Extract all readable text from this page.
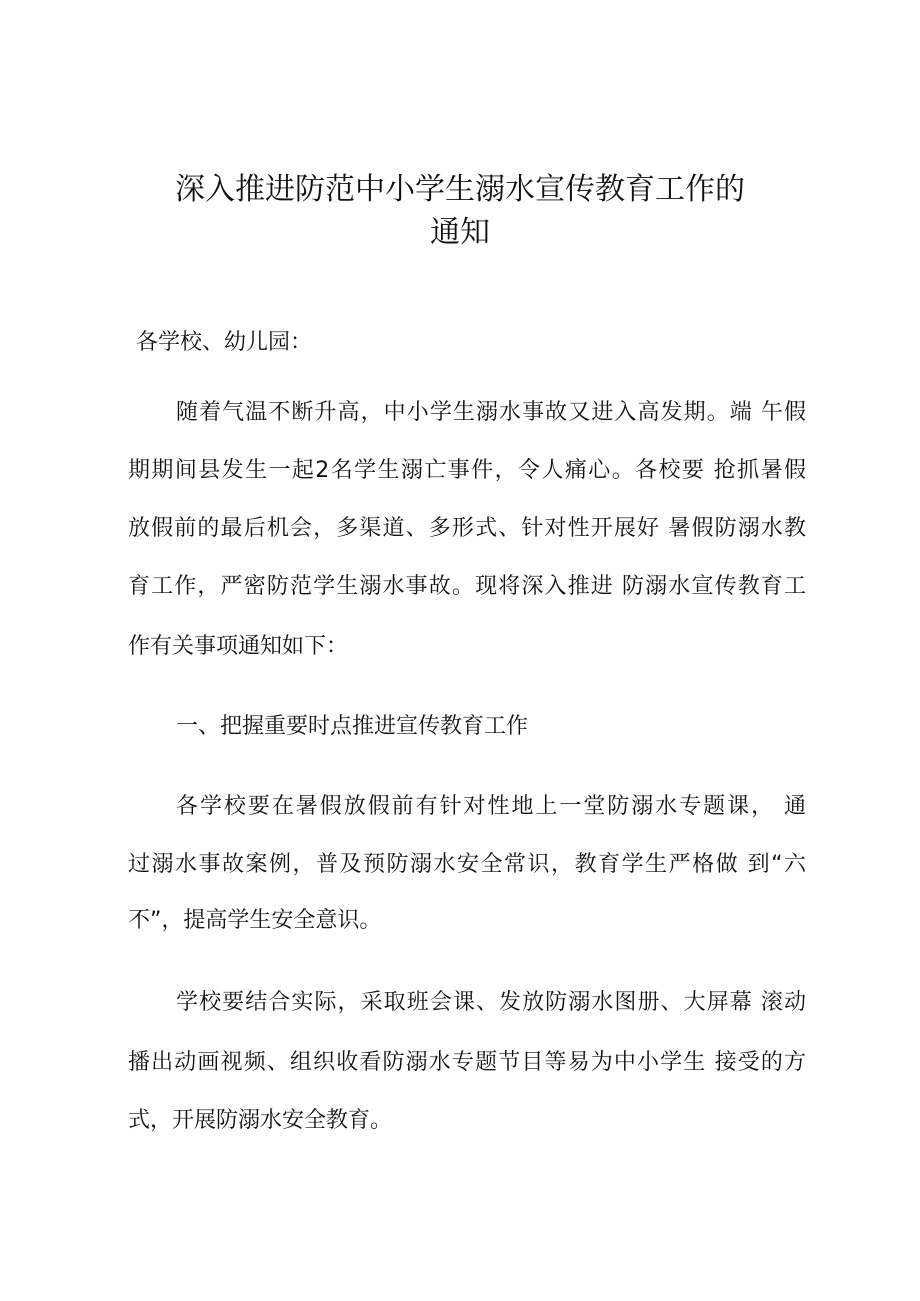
深入推进防范中小学生溺水宣传教育工作的
通知
各学校、幼儿园：
随着气温不断升高，中小学生溺水事故又进入高发期。端 午假
期期间县发生一起2名学生溺亡事件，令人痛心。各校要 抢抓暑假
放假前的最后机会，多渠道、多形式、针对性开展好 暑假防溺水教
育工作，严密防范学生溺水事故。现将深入推进 防溺水宣传教育工
作有关事项通知如下：
一、把握重要时点推进宣传教育工作
各学校要在暑假放假前有针对性地上一堂防溺水专题课， 通
过溺水事故案例，普及预防溺水安全常识，教育学生严格做 到“六
不”，提高学生安全意识。
学校要结合实际，采取班会课、发放防溺水图册、大屏幕 滚动
播出动画视频、组织收看防溺水专题节目等易为中小学生 接受的方
式，开展防溺水安全教育。
